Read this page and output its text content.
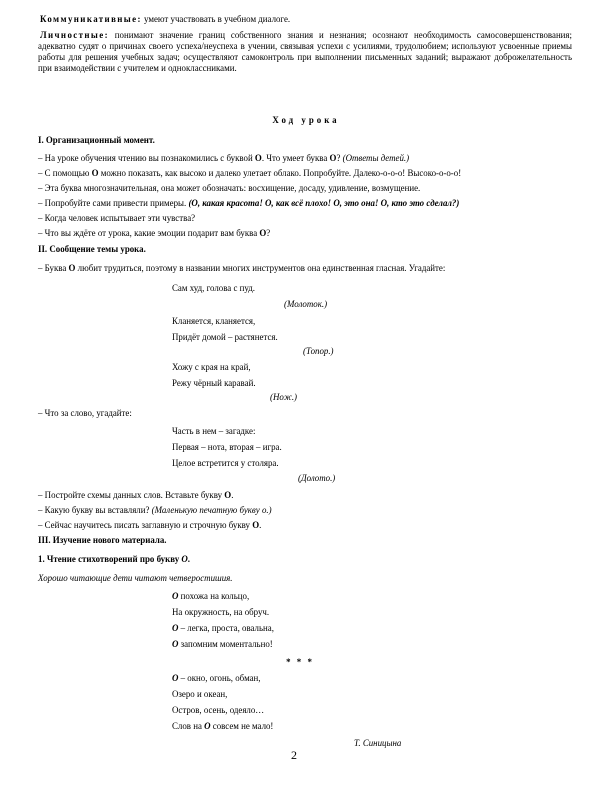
Коммуникативные: умеют участвовать в учебном диалоге.
Личностные: понимают значение границ собственного знания и незнания; осознают необходимость самосовершенствования; адекватно судят о причинах своего успеха/неуспеха в учении, связывая успехи с усилиями, трудолюбием; используют усвоенные приемы работы для решения учебных задач; осуществляют самоконтроль при выполнении письменных заданий; выражают доброжелательность при взаимодействии с учителем и одноклассниками.
Ход урока
I. Организационный момент.
– На уроке обучения чтению вы познакомились с буквой О. Что умеет буква О? (Ответы детей.)
– С помощью О можно показать, как высоко и далеко улетает облако. Попробуйте. Далеко-о-о-о! Высоко-о-о-о!
– Эта буква многозначительная, она может обозначать: восхищение, досаду, удивление, возмущение.
– Попробуйте сами привести примеры. (О, какая красота! О, как всё плохо! О, это она! О, кто это сделал?)
– Когда человек испытывает эти чувства?
– Что вы ждёте от урока, какие эмоции подарит вам буква О?
II. Сообщение темы урока.
– Буква О любит трудиться, поэтому в названии многих инструментов она единственная гласная. Угадайте:
Сам худ, голова с пуд.
(Молоток.)
Кланяется, кланяется,
Придёт домой – растянется.
(Топор.)
Хожу с края на край,
Режу чёрный каравай.
(Нож.)
– Что за слово, угадайте:
Часть в нем – загадке:
Первая – нота, вторая – игра.
Целое встретится у столяра.
(Долото.)
– Постройте схемы данных слов. Вставьте букву О.
– Какую букву вы вставляли? (Маленькую печатную букву о.)
– Сейчас научитесь писать заглавную и строчную букву О.
III. Изучение нового материала.
1. Чтение стихотворений про букву О.
Хорошо читающие дети читают четверостишия.
О похожа на кольцо,
На окружность, на обруч.
О – легка, проста, овальна,
О запомним моментально!
* * *
О – окно, огонь, обман,
Озеро и океан,
Остров, осень, одеяло…
Слов на О совсем не мало!
Т. Синицына
2
